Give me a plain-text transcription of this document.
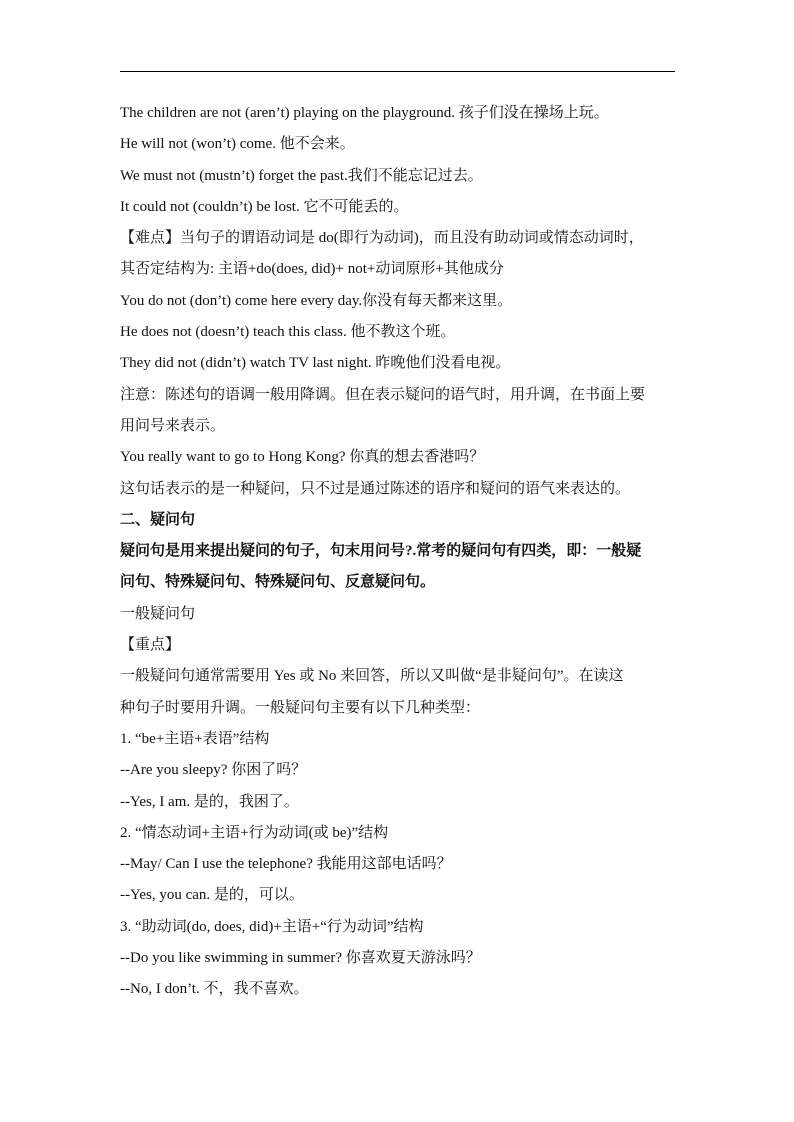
The children are not (aren’t) playing on the playground. 孩子们没在操场上玩。

He will not (won’t) come. 他不会来。

We must not (mustn’t) forget the past.我们不能忘记过去。

It could not (couldn’t) be lost. 它不可能丢的。

【难点】当句子的谓语动词是 do(即行为动词)，而且没有助动词或情态动词时，

其否定结构为: 主语+do(does, did)+ not+动词原形+其他成分

You do not (don’t) come here every day.你没有每天都来这里。

He does not (doesn’t) teach this class. 他不教这个班。

They did not (didn’t) watch TV last night. 昨晚他们没看电视。

注意：陈述句的语调一般用降调。但在表示疑问的语气时，用升调，在书面上要

用问号来表示。

You really want to go to Hong Kong? 你真的想去香港吗？

这句话表示的是一种疑问，只不过是通过陈述的语序和疑问的语气来表达的。

二、疑问句

疑问句是用来提出疑问的句子，句末用问号?.常考的疑问句有四类，即：一般疑

问句、特殊疑问句、特殊疑问句、反意疑问句。

一般疑问句

【重点】

一般疑问句通常需要用 Yes 或 No 来回答，所以又叫做“是非疑问句”。在读这

种句子时要用升调。一般疑问句主要有以下几种类型：

1. “be+主语+表语”结构

--Are you sleepy? 你困了吗？

--Yes, I am. 是的，我困了。

2. “情态动词+主语+行为动词(或 be)”结构

--May/ Can I use the telephone? 我能用这部电话吗？

--Yes, you can. 是的，可以。

3. “助动词(do, does, did)+主语+“行为动词”结构

--Do you like swimming in summer? 你喜欢夏天游泳吗？

--No, I don’t. 不，我不喜欢。
